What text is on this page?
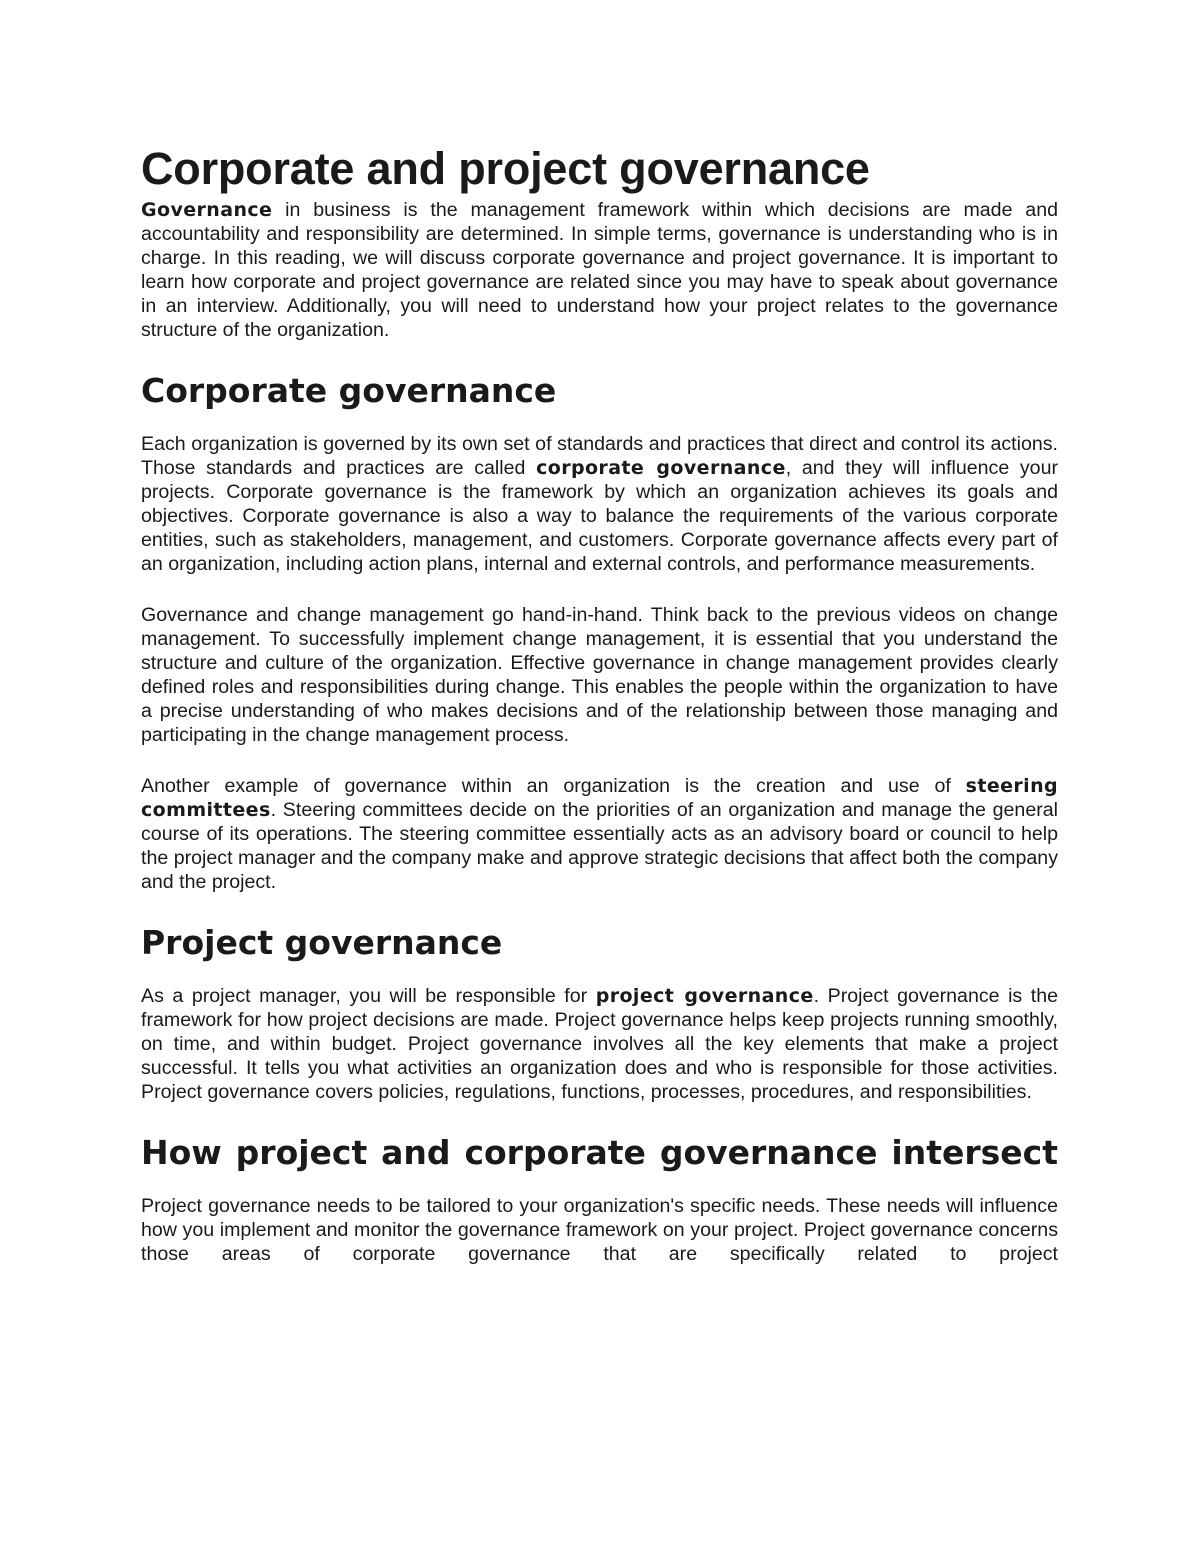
Corporate and project governance

Governance in business is the management framework within which decisions are made and accountability and responsibility are determined. In simple terms, governance is understanding who is in charge. In this reading, we will discuss corporate governance and project governance. It is important to learn how corporate and project governance are related since you may have to speak about governance in an interview. Additionally, you will need to understand how your project relates to the governance structure of the organization.

Corporate governance

Each organization is governed by its own set of standards and practices that direct and control its actions. Those standards and practices are called corporate governance, and they will influence your projects. Corporate governance is the framework by which an organization achieves its goals and objectives. Corporate governance is also a way to balance the requirements of the various corporate entities, such as stakeholders, management, and customers. Corporate governance affects every part of an organization, including action plans, internal and external controls, and performance measurements.

Governance and change management go hand-in-hand. Think back to the previous videos on change management. To successfully implement change management, it is essential that you understand the structure and culture of the organization. Effective governance in change management provides clearly defined roles and responsibilities during change. This enables the people within the organization to have a precise understanding of who makes decisions and of the relationship between those managing and participating in the change management process.

Another example of governance within an organization is the creation and use of steering committees. Steering committees decide on the priorities of an organization and manage the general course of its operations. The steering committee essentially acts as an advisory board or council to help the project manager and the company make and approve strategic decisions that affect both the company and the project.

Project governance

As a project manager, you will be responsible for project governance. Project governance is the framework for how project decisions are made. Project governance helps keep projects running smoothly, on time, and within budget. Project governance involves all the key elements that make a project successful. It tells you what activities an organization does and who is responsible for those activities. Project governance covers policies, regulations, functions, processes, procedures, and responsibilities.

How project and corporate governance intersect

Project governance needs to be tailored to your organization's specific needs. These needs will influence how you implement and monitor the governance framework on your project. Project governance concerns those areas of corporate governance that are specifically related to project
